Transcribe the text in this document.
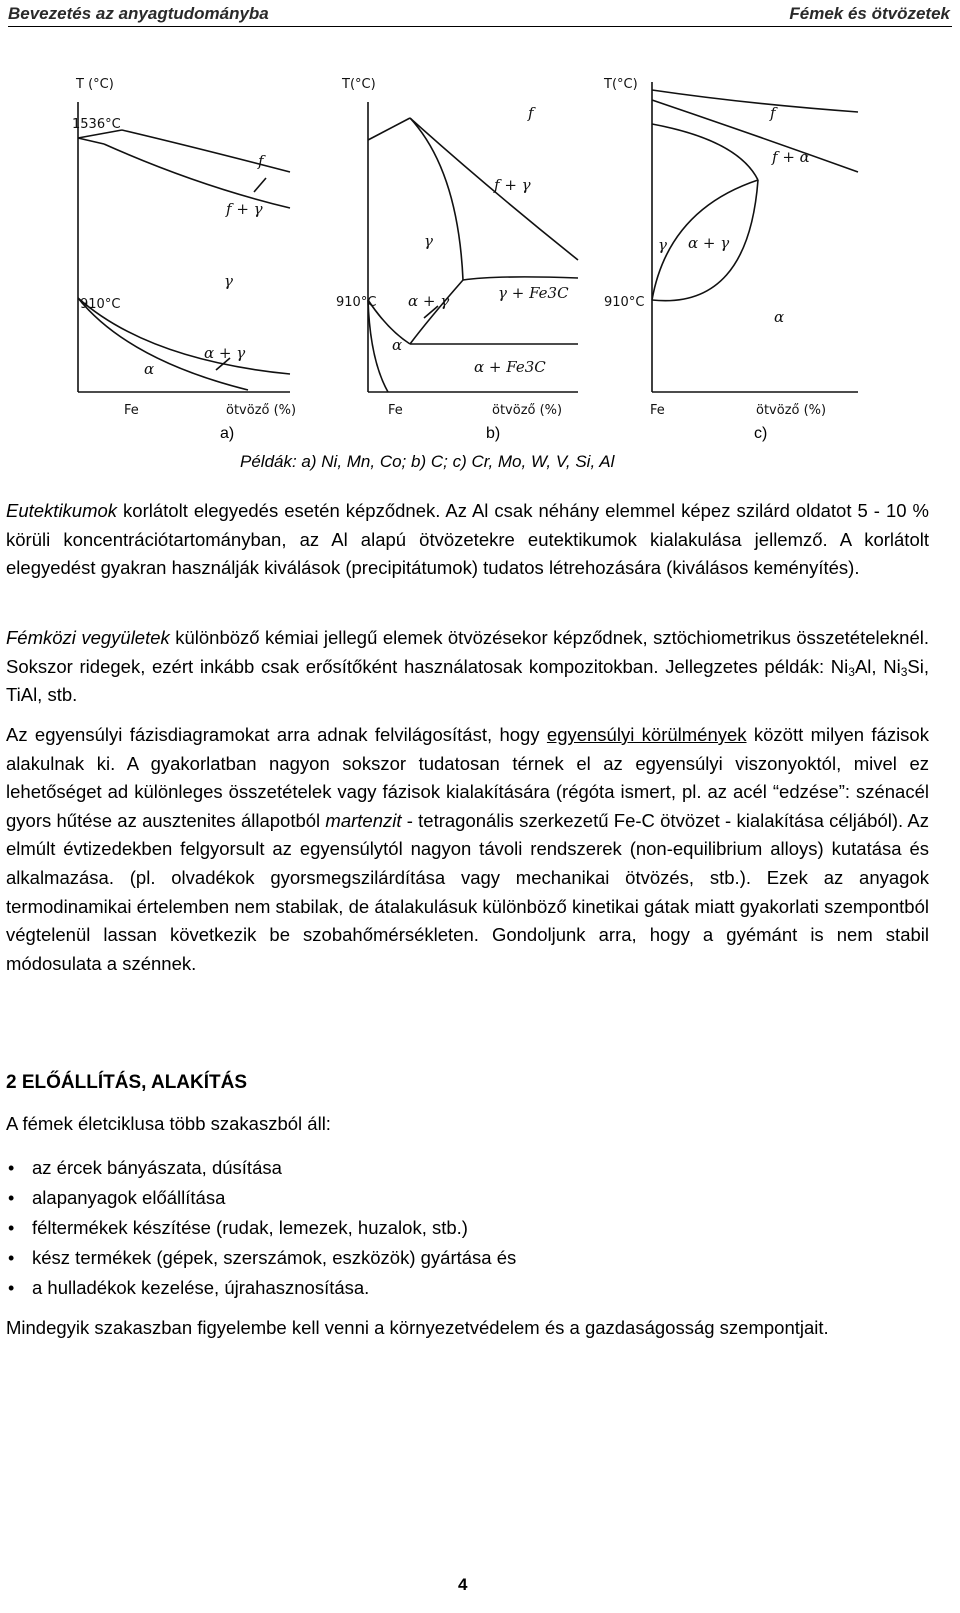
Bevezetés az anyagtudományba	Fémek és ötvözetek
T (°C)
1536°C
910°C
Fe	ötvöző (%)
f
f + γ
γ
α + γ
α
T(°C)
910°C
Fe	ötvöző (%)
f
f + γ
γ
α + γ	γ + Fe3C
α
α + Fe3C
T(°C)
910°C
Fe	ötvöző (%)
f
f + α
γ α + γ
α
a)	b)	c)
Példák: a) Ni, Mn, Co; b) C; c) Cr, Mo, W, V, Si, Al

Eutektikumok korlátolt elegyedés esetén képződnek. Az Al csak néhány elemmel képez szilárd oldatot 5 - 10 % körüli koncentrációtartományban, az Al alapú ötvözetekre eutektikumok kialakulása jellemző. A korlátolt elegyedést gyakran használják kiválások (precipitátumok) tudatos létrehozására (kiválásos keményítés).

Fémközi vegyületek különböző kémiai jellegű elemek ötvözésekor képződnek, sztöchiometrikus összetételeknél. Sokszor ridegek, ezért inkább csak erősítőként használatosak kompozitokban. Jellegzetes példák: $Ni_3Al$, $Ni_3Si$, TiAl, stb.

Az egyensúlyi fázisdiagramokat arra adnak felvilágosítást, hogy egyensúlyi körülmények között milyen fázisok alakulnak ki. A gyakorlatban nagyon sokszor tudatosan térnek el az egyensúlyi viszonyoktól, mivel ez lehetőséget ad különleges összetételek vagy fázisok kialakítására (régóta ismert, pl. az acél “edzése”: szénacél gyors hűtése az ausztenites állapotból martenzit - tetragonális szerkezetű Fe-C ötvözet - kialakítása céljából). Az elmúlt évtizedekben felgyorsult az egyensúlytól nagyon távoli rendszerek (non-equilibrium alloys) kutatása és alkalmazása. (pl. olvadékok gyorsmegszilárdítása vagy mechanikai ötvözés, stb.). Ezek az anyagok termodinamikai értelemben nem stabilak, de átalakulásuk különböző kinetikai gátak miatt gyakorlati szempontból végtelenül lassan következik be szobahőmérsékleten. Gondoljunk arra, hogy a gyémánt is nem stabil módosulata a szénnek.

2 ELŐÁLLÍTÁS, ALAKÍTÁS
A fémek életciklusa több szakaszból áll:
• az ércek bányászata, dúsítása
• alapanyagok előállítása
• féltermékek készítése (rudak, lemezek, huzalok, stb.)
• kész termékek (gépek, szerszámok, eszközök) gyártása és
• a hulladékok kezelése, újrahasznosítása.

Mindegyik szakaszban figyelembe kell venni a környezetvédelem és a gazdaságosság szempontjait.

4
